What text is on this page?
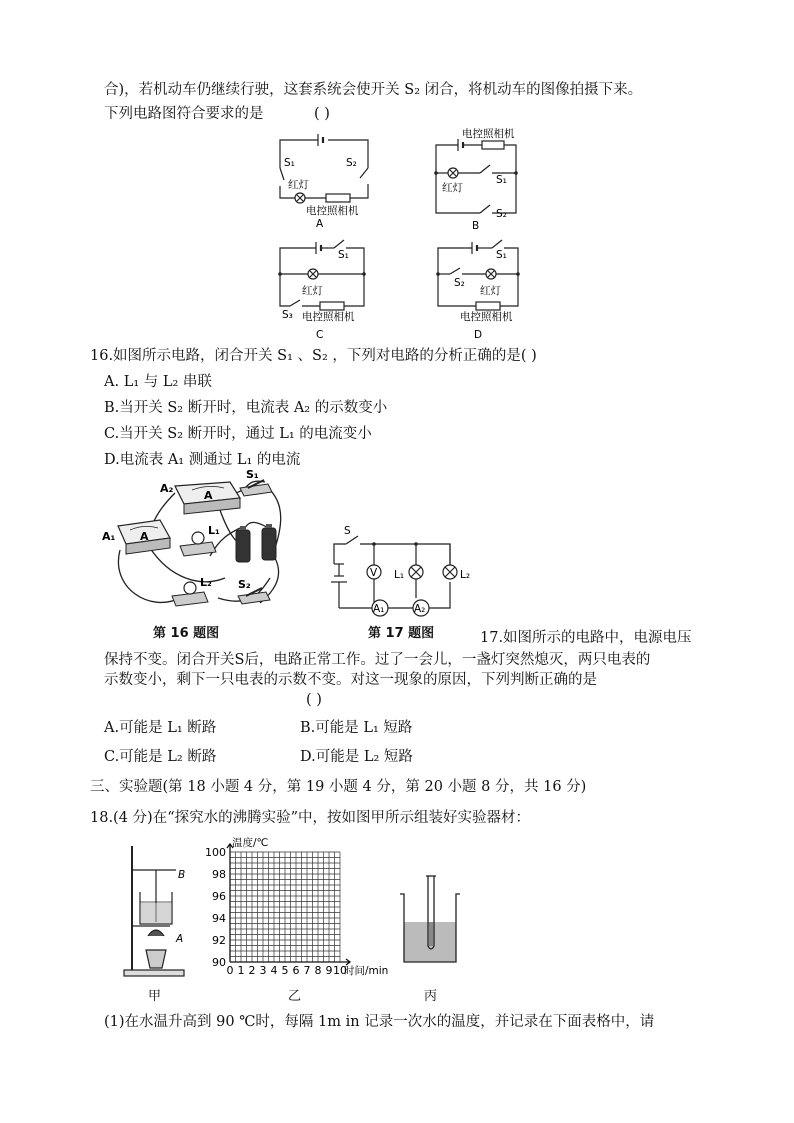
合)，若机动车仍继续行驶，这套系统会使开关 S₂ 闭合，将机动车的图像拍摄下来。
下列电路图符合要求的是	( )
S₁	S₂
红灯
电控照相机
A
电控照相机
S₁
红灯
S₂
B
S₁
红灯
S₃ 电控照相机
C
S₁
S₂
红灯
电控照相机
D
16.如图所示电路，闭合开关 S₁ 、S₂ ，下列对电路的分析正确的是( )
A. L₁ 与 L₂ 串联
B.当开关 S₂ 断开时，电流表 A₂ 的示数变小
C.当开关 S₂ 断开时，通过 L₁ 的电流变小
D.电流表 A₁ 测通过 L₁ 的电流
A
A₂
A
A₁
S₁
L₁
L₂ S₂
第 16 题图
V
A₁	A₂
S
L₁	L₂
第 17 题图	17.如图所示的电路中，电源电压
保持不变。闭合开关S后，电路正常工作。过了一会儿，一盏灯突然熄灭，两只电表的
示数变小，剩下一只电表的示数不变。对这一现象的原因，下列判断正确的是
( )
A.可能是 L₁ 断路	B.可能是 L₁ 短路
C.可能是 L₂ 断路	D.可能是 L₂ 短路
三、实验题(第 18 小题 4 分，第 19 小题 4 分，第 20 小题 8 分，共 16 分)
18.(4 分)在“探究水的沸腾实验”中，按如图甲所示组装好实验器材：
B
A
甲
90
92
94
96
98
100
0 1 2 3 4 5 6 7 8 9 10
温度/℃
时间/min
乙	丙
(1)在水温升高到 90 ℃时，每隔 1m in 记录一次水的温度，并记录在下面表格中，请
